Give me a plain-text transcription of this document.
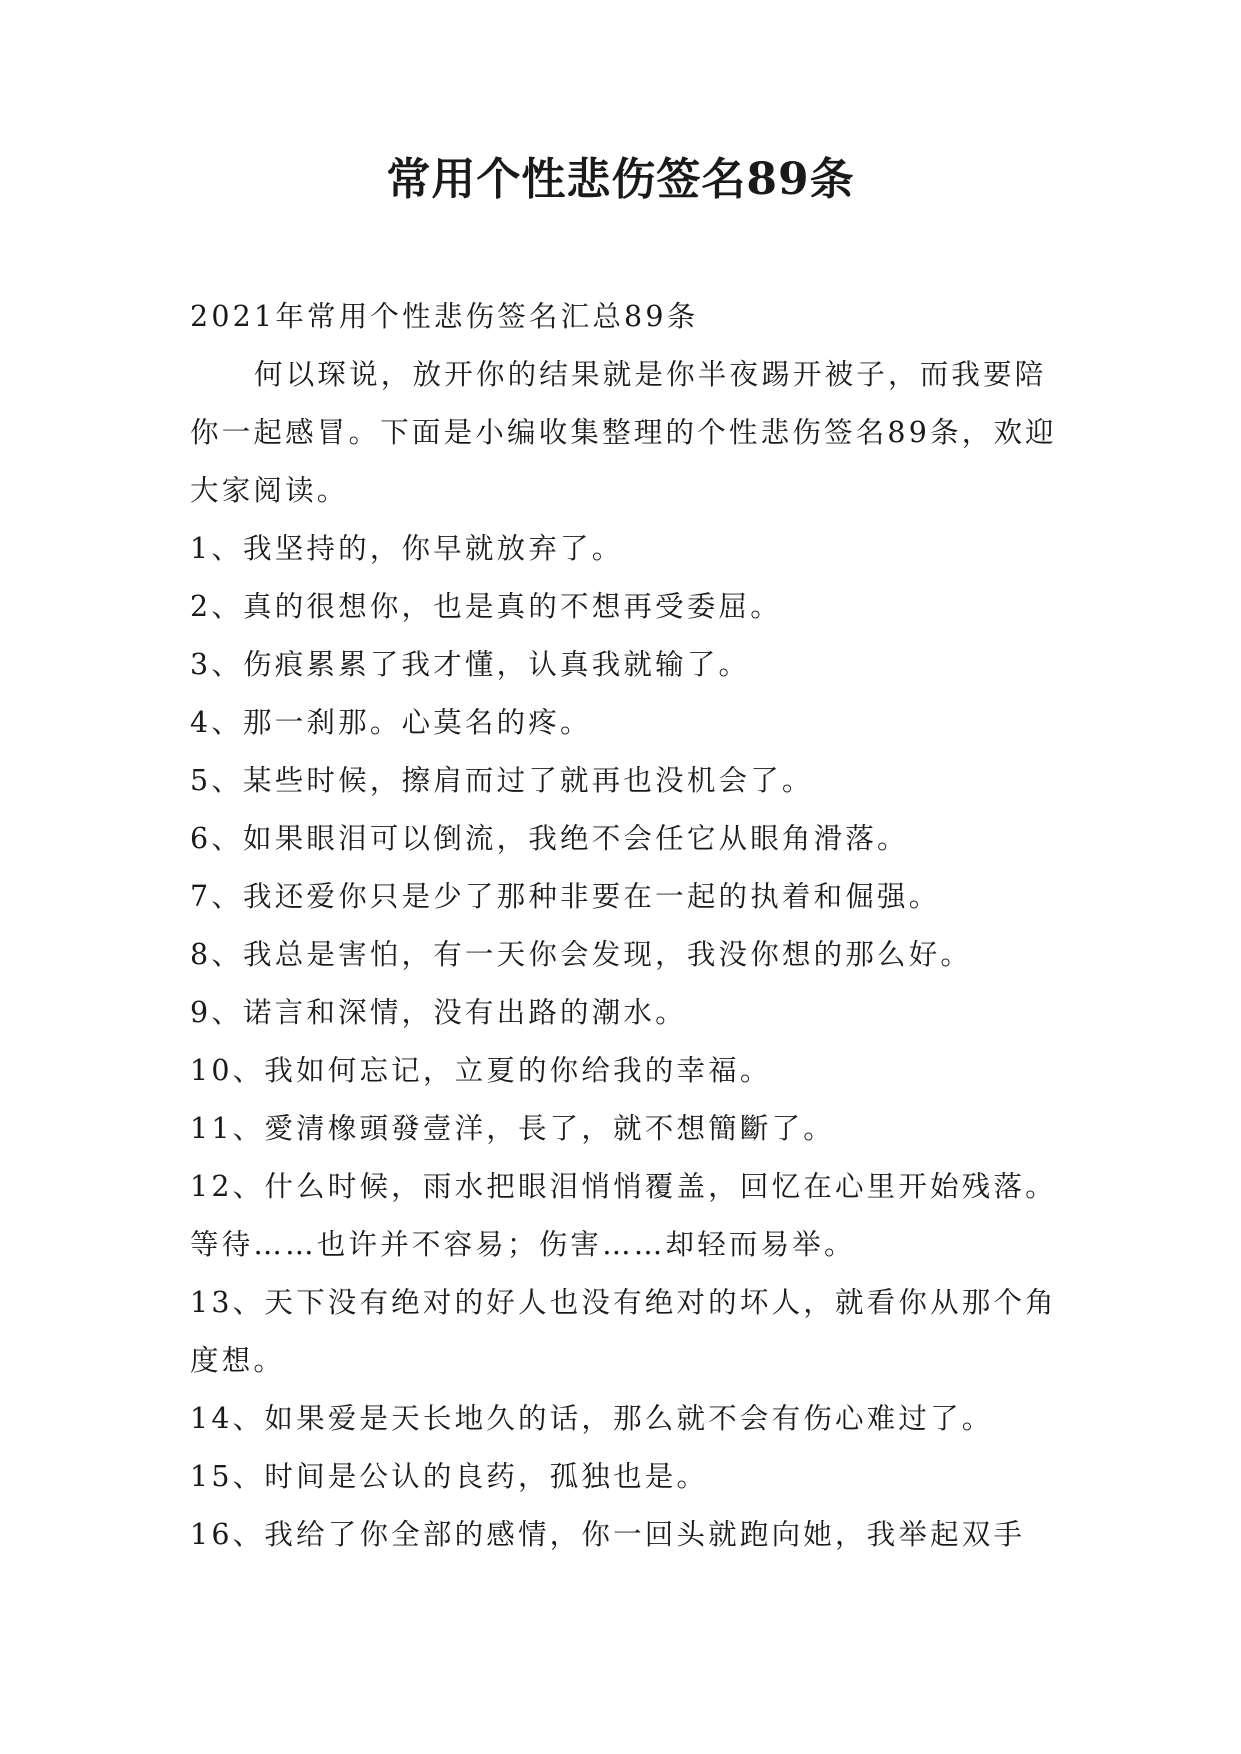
常用个性悲伤签名89条

2021年常用个性悲伤签名汇总89条

何以琛说，放开你的结果就是你半夜踢开被子，而我要陪你一起感冒。下面是小编收集整理的个性悲伤签名89条，欢迎大家阅读。

1、我坚持的，你早就放弃了。

2、真的很想你，也是真的不想再受委屈。

3、伤痕累累了我才懂，认真我就输了。

4、那一刹那。心莫名的疼。

5、某些时候，擦肩而过了就再也没机会了。

6、如果眼泪可以倒流，我绝不会任它从眼角滑落。

7、我还爱你只是少了那种非要在一起的执着和倔强。

8、我总是害怕，有一天你会发现，我没你想的那么好。

9、诺言和深情，没有出路的潮水。

10、我如何忘记，立夏的你给我的幸福。

11、愛清橡頭發壹洋，長了，就不想簡斷了。

12、什么时候，雨水把眼泪悄悄覆盖，回忆在心里开始残落。等待……也许并不容易；伤害……却轻而易举。

13、天下没有绝对的好人也没有绝对的坏人，就看你从那个角度想。

14、如果爱是天长地久的话，那么就不会有伤心难过了。

15、时间是公认的良药，孤独也是。

16、我给了你全部的感情，你一回头就跑向她，我举起双手
